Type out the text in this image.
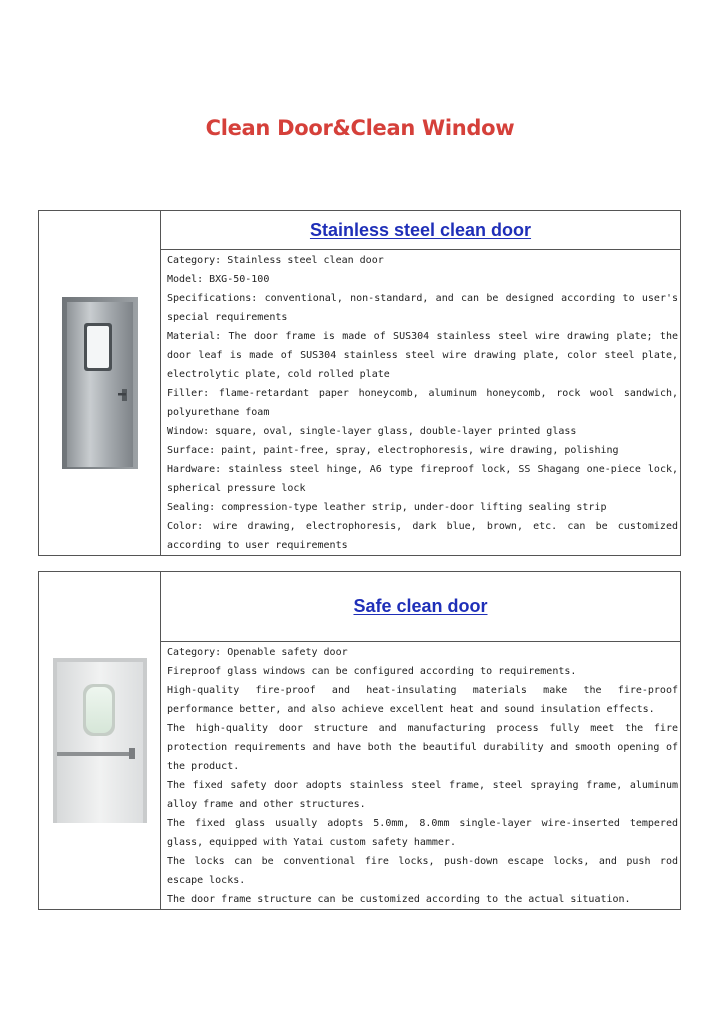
Clean Door&Clean Window
	Stainless steel clean door

Category: Stainless steel clean door
Model: BXG-50-100
Specifications: conventional, non-standard, and can be designed according to user's special requirements
Material: The door frame is made of SUS304 stainless steel wire drawing plate; the door leaf is made of SUS304 stainless steel wire drawing plate, color steel plate, electrolytic plate, cold rolled plate
Filler: flame-retardant paper honeycomb, aluminum honeycomb, rock wool sandwich, polyurethane foam
Window: square, oval, single-layer glass, double-layer printed glass
Surface: paint, paint-free, spray, electrophoresis, wire drawing, polishing
Hardware: stainless steel hinge, A6 type fireproof lock, SS Shagang one-piece lock, spherical pressure lock
Sealing: compression-type leather strip, under-door lifting sealing strip
Color: wire drawing, electrophoresis, dark blue, brown, etc. can be customized according to user requirements
	Safe clean door

Category: Openable safety door
Fireproof glass windows can be configured according to requirements.
High-quality fire-proof and heat-insulating materials make the fire-proof performance better, and also achieve excellent heat and sound insulation effects.
The high-quality door structure and manufacturing process fully meet the fire protection requirements and have both the beautiful durability and smooth opening of the product.
The fixed safety door adopts stainless steel frame, steel spraying frame, aluminum alloy frame and other structures.
The fixed glass usually adopts 5.0mm, 8.0mm single-layer wire-inserted tempered glass, equipped with Yatai custom safety hammer.
The locks can be conventional fire locks, push-down escape locks, and push rod escape locks.
The door frame structure can be customized according to the actual situation.
